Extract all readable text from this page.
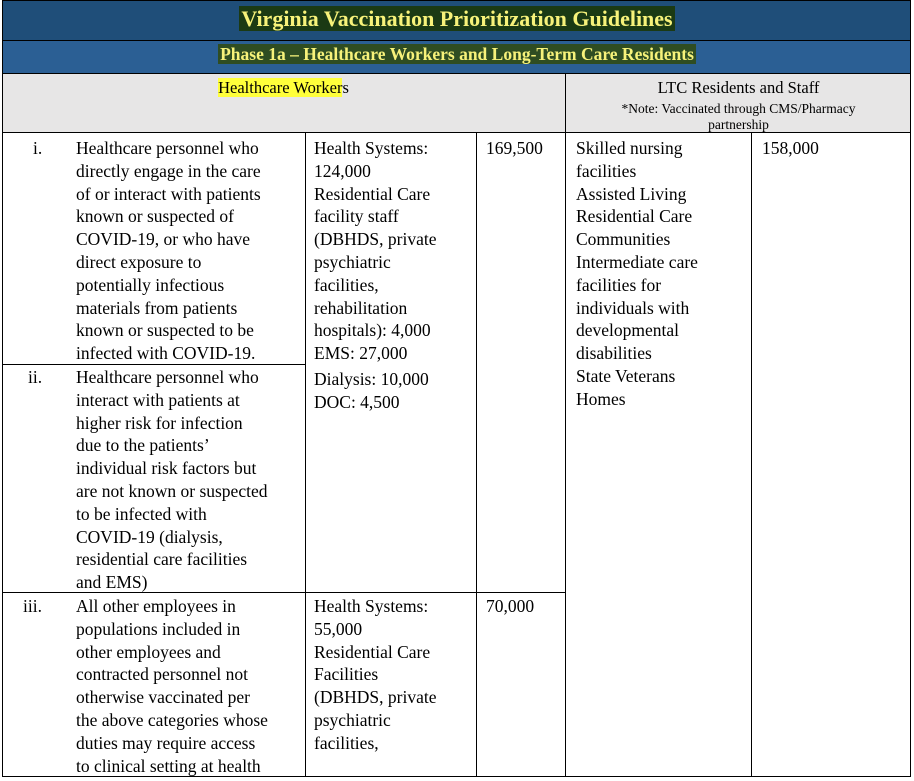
Virginia Vaccination Prioritization Guidelines
Phase 1a – Healthcare Workers and Long-Term Care Residents
Healthcare Workers	LTC Residents and Staff
*Note: Vaccinated through CMS/Pharmacy
partnership
i.
ii.
iii.
Healthcare personnel who
directly engage in the care
of or interact with patients
known or suspected of
COVID-19, or who have
direct exposure to
potentially infectious
materials from patients
known or suspected to be
infected with COVID-19.
Healthcare personnel who
interact with patients at
higher risk for infection
due to the patients’
individual risk factors but
are not known or suspected
to be infected with
COVID-19 (dialysis,
residential care facilities
and EMS)
All other employees in
populations included in
other employees and
contracted personnel not
otherwise vaccinated per
the above categories whose
duties may require access
to clinical setting at health
Health Systems:
124,000
Residential Care
facility staff
(DBHDS, private
psychiatric
facilities,
rehabilitation
hospitals): 4,000
EMS: 27,000
Dialysis: 10,000
DOC: 4,500
169,500
Health Systems:
55,000
Residential Care
Facilities
(DBHDS, private
psychiatric
facilities,
70,000
Skilled nursing
facilities
Assisted Living
Residential Care
Communities
Intermediate care
facilities for
individuals with
developmental
disabilities
State Veterans
Homes
158,000
